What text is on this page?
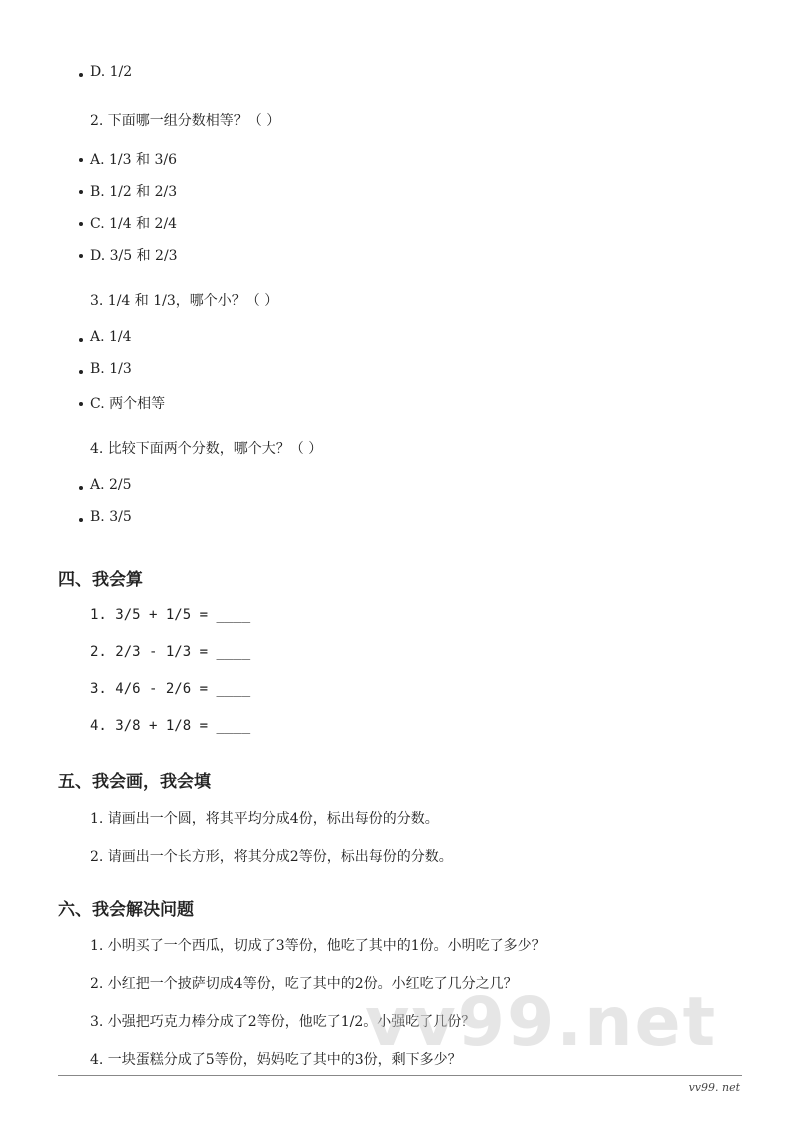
D. 1/2
2. 下面哪一组分数相等？（ ）
A. 1/3 和 3/6
B. 1/2 和 2/3
C. 1/4 和 2/4
D. 3/5 和 2/3
3. 1/4 和 1/3，哪个小？（ ）
A. 1/4
B. 1/3
C. 两个相等
4. 比较下面两个分数，哪个大？（ ）
A. 2/5
B. 3/5
四、我会算
1. 3/5 + 1/5 = ____
2. 2/3 - 1/3 = ____
3. 4/6 - 2/6 = ____
4. 3/8 + 1/8 = ____
五、我会画，我会填
1. 请画出一个圆，将其平均分成4份，标出每份的分数。
2. 请画出一个长方形，将其分成2等份，标出每份的分数。
六、我会解决问题
1. 小明买了一个西瓜，切成了3等份，他吃了其中的1份。小明吃了多少？
2. 小红把一个披萨切成4等份，吃了其中的2份。小红吃了几分之几？
3. 小强把巧克力棒分成了2等份，他吃了1/2。小强吃了几份？
4. 一块蛋糕分成了5等份，妈妈吃了其中的3份，剩下多少？
vv99.net
vv99. net
